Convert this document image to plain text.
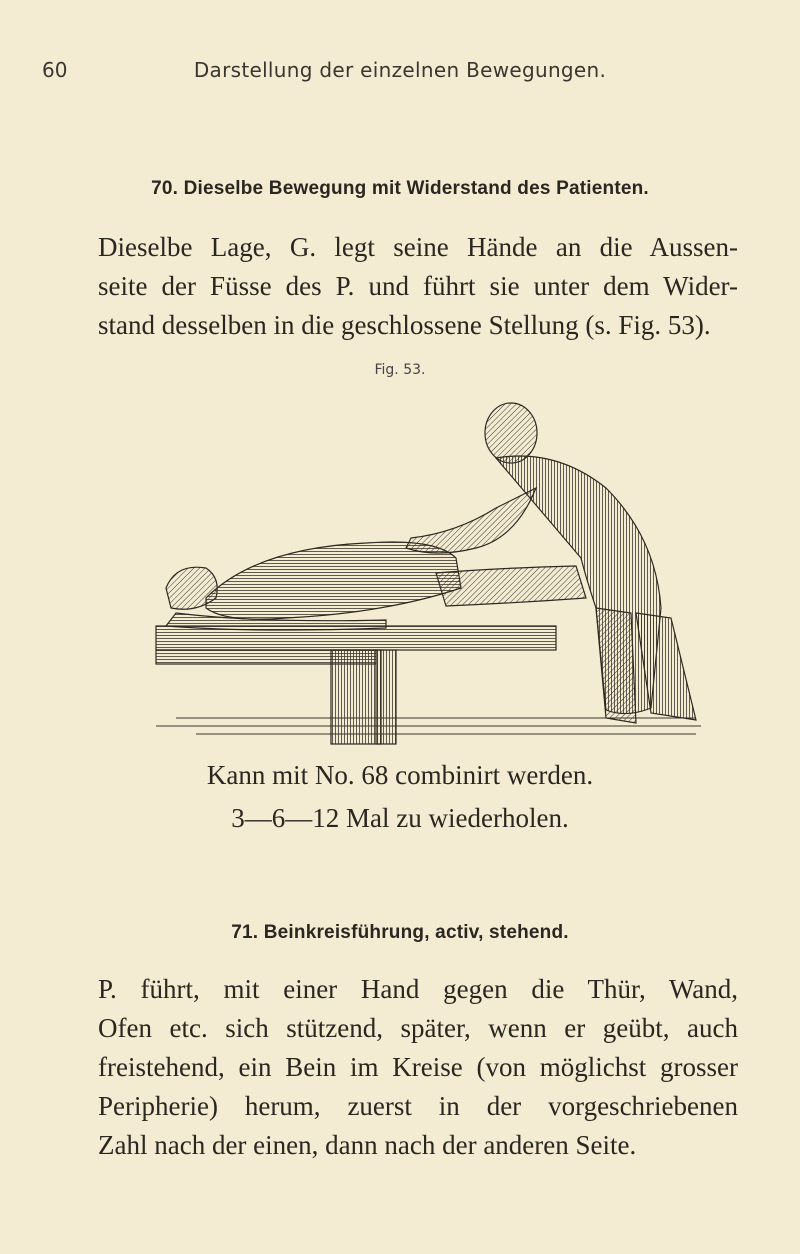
60	Darstellung der einzelnen Bewegungen.
70. Dieselbe Bewegung mit Widerstand des Patienten.

Dieselbe Lage, G. legt seine Hände an die Aussen-
seite der Füsse des P. und führt sie unter dem Wider-
stand desselben in die geschlossene Stellung (s. Fig. 53).

Fig. 53.
Kann mit No. 68 combinirt werden.
3—6—12 Mal zu wiederholen.
71. Beinkreisführung, activ, stehend.

P. führt, mit einer Hand gegen die Thür, Wand,
Ofen etc. sich stützend, später, wenn er geübt, auch
freistehend, ein Bein im Kreise (von möglichst grosser
Peripherie) herum, zuerst in der vorgeschriebenen
Zahl nach der einen, dann nach der anderen Seite.
